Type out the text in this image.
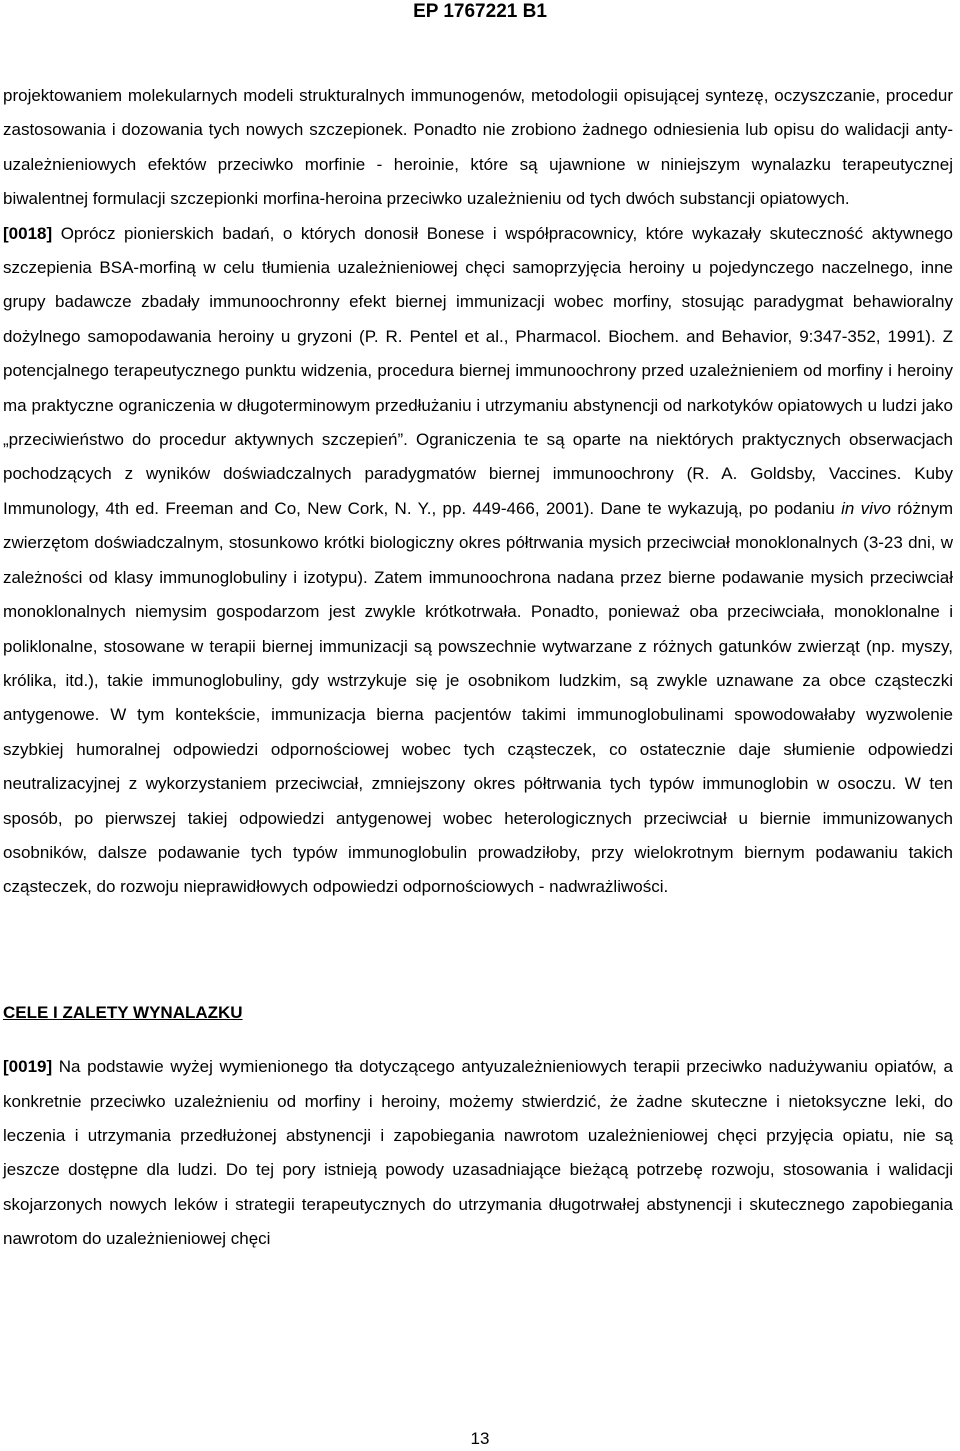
EP 1767221 B1

projektowaniem molekularnych modeli strukturalnych immunogenów, metodologii opisującej syntezę, oczyszczanie, procedur zastosowania i dozowania tych nowych szczepionek. Ponadto nie zrobiono żadnego odniesienia lub opisu do walidacji anty-uzależnieniowych efektów przeciwko morfinie - heroinie, które są ujawnione w niniejszym wynalazku terapeutycznej biwalentnej formulacji szczepionki morfina-heroina przeciwko uzależnieniu od tych dwóch substancji opiatowych.

[0018] Oprócz pionierskich badań, o których donosił Bonese i współpracownicy, które wykazały skuteczność aktywnego szczepienia BSA-morfiną w celu tłumienia uzależnieniowej chęci samoprzyjęcia heroiny u pojedynczego naczelnego, inne grupy badawcze zbadały immunoochronny efekt biernej immunizacji wobec morfiny, stosując paradygmat behawioralny dożylnego samopodawania heroiny u gryzoni (P. R. Pentel et al., Pharmacol. Biochem. and Behavior, 9:347-352, 1991). Z potencjalnego terapeutycznego punktu widzenia, procedura biernej immunoochrony przed uzależnieniem od morfiny i heroiny ma praktyczne ograniczenia w długoterminowym przedłużaniu i utrzymaniu abstynencji od narkotyków opiatowych u ludzi jako „przeciwieństwo do procedur aktywnych szczepień”. Ograniczenia te są oparte na niektórych praktycznych obserwacjach pochodzących z wyników doświadczalnych paradygmatów biernej immunoochrony (R. A. Goldsby, Vaccines. Kuby Immunology, 4th ed. Freeman and Co, New Cork, N. Y., pp. 449-466, 2001). Dane te wykazują, po podaniu in vivo różnym zwierzętom doświadczalnym, stosunkowo krótki biologiczny okres półtrwania mysich przeciwciał monoklonalnych (3-23 dni, w zależności od klasy immunoglobuliny i izotypu). Zatem immunoochrona nadana przez bierne podawanie mysich przeciwciał monoklonalnych niemysim gospodarzom jest zwykle krótkotrwała. Ponadto, ponieważ oba przeciwciała, monoklonalne i poliklonalne, stosowane w terapii biernej immunizacji są powszechnie wytwarzane z różnych gatunków zwierząt (np. myszy, królika, itd.), takie immunoglobuliny, gdy wstrzykuje się je osobnikom ludzkim, są zwykle uznawane za obce cząsteczki antygenowe. W tym kontekście, immunizacja bierna pacjentów takimi immunoglobulinami spowodowałaby wyzwolenie szybkiej humoralnej odpowiedzi odpornościowej wobec tych cząsteczek, co ostatecznie daje słumienie odpowiedzi neutralizacyjnej z wykorzystaniem przeciwciał, zmniejszony okres półtrwania tych typów immunoglobin w osoczu. W ten sposób, po pierwszej takiej odpowiedzi antygenowej wobec heterologicznych przeciwciał u biernie immunizowanych osobników, dalsze podawanie tych typów immunoglobulin prowadziłoby, przy wielokrotnym biernym podawaniu takich cząsteczek, do rozwoju nieprawidłowych odpowiedzi odpornościowych - nadwrażliwości.

CELE I ZALETY WYNALAZKU

[0019] Na podstawie wyżej wymienionego tła dotyczącego antyuzależnieniowych terapii przeciwko nadużywaniu opiatów, a konkretnie przeciwko uzależnieniu od morfiny i heroiny, możemy stwierdzić, że żadne skuteczne i nietoksyczne leki, do leczenia i utrzymania przedłużonej abstynencji i zapobiegania nawrotom uzależnieniowej chęci przyjęcia opiatu, nie są jeszcze dostępne dla ludzi. Do tej pory istnieją powody uzasadniające bieżącą potrzebę rozwoju, stosowania i walidacji skojarzonych nowych leków i strategii terapeutycznych do utrzymania długotrwałej abstynencji i skutecznego zapobiegania nawrotom do uzależnieniowej chęci

13
